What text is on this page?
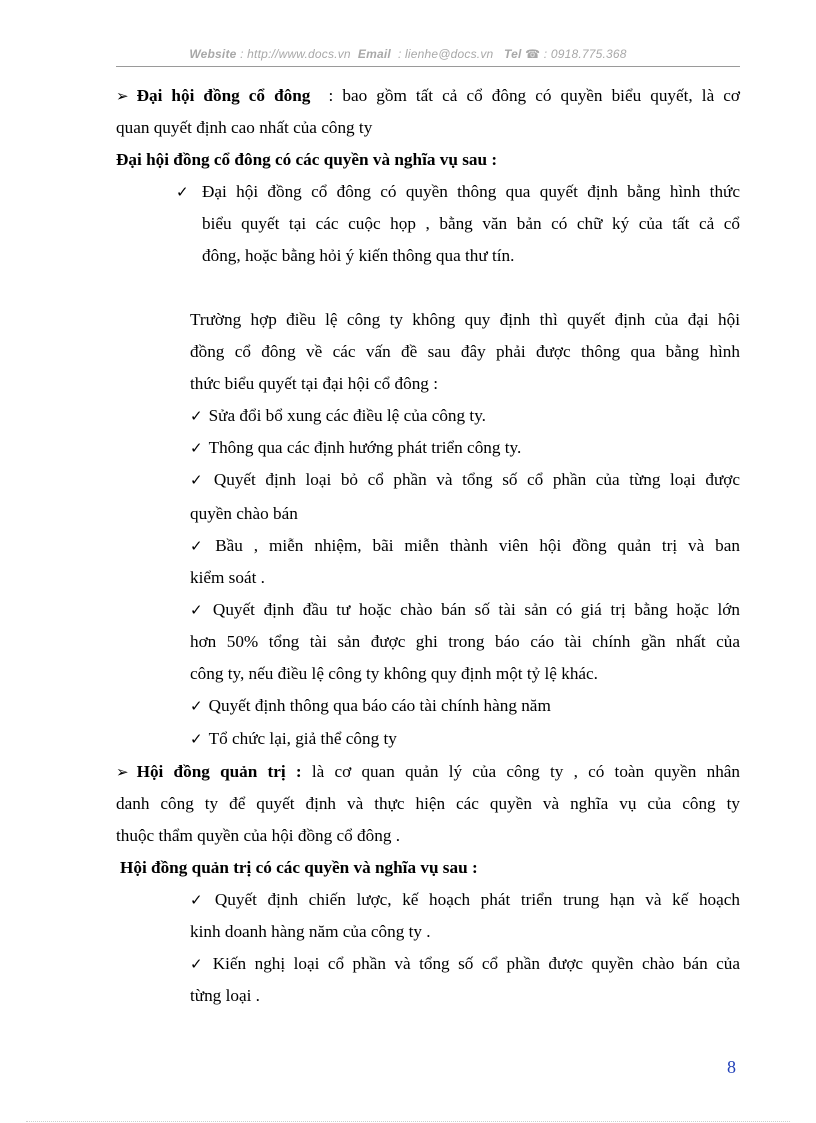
Website : http://www.docs.vn Email : lienhe@docs.vn Tel ☎ : 0918.775.368
➢ Đại hội đồng cổ đông : bao gồm tất cả cổ đông có quyền biểu quyết, là cơ
quan quyết định cao nhất của công ty
Đại hội đồng cổ đông có các quyền và nghĩa vụ sau :
✓ Đại hội đồng cổ đông có quyền thông qua quyết định bằng hình thức
biểu quyết tại các cuộc họp , bằng văn bản có chữ ký của tất cả cổ
đông, hoặc bằng hỏi ý kiến thông qua thư tín.
Trường hợp điều lệ công ty không quy định thì quyết định của đại hội
đồng cổ đông về các vấn đề sau đây phải được thông qua bằng hình
thức biểu quyết tại đại hội cổ đông :
✓ Sửa đổi bổ xung các điều lệ của công ty.
✓ Thông qua các định hướng phát triển công ty.
✓ Quyết định loại bỏ cổ phần và tổng số cổ phần của từng loại được
quyền chào bán
✓ Bầu , miễn nhiệm, bãi miễn thành viên hội đồng quản trị và ban
kiểm soát .
✓ Quyết định đầu tư hoặc chào bán số tài sản có giá trị bằng hoặc lớn
hơn 50% tổng tài sản được ghi trong báo cáo tài chính gần nhất của
công ty, nếu điều lệ công ty không quy định một tỷ lệ khác.
✓ Quyết định thông qua báo cáo tài chính hàng năm
✓ Tổ chức lại, giả thể công ty
➢ Hội đồng quản trị : là cơ quan quản lý của công ty , có toàn quyền nhân
danh công ty để quyết định và thực hiện các quyền và nghĩa vụ của công ty
thuộc thẩm quyền của hội đồng cổ đông .
Hội đồng quản trị có các quyền và nghĩa vụ sau :
✓ Quyết định chiến lược, kế hoạch phát triển trung hạn và kế hoạch
kinh doanh hàng năm của công ty .
✓ Kiến nghị loại cổ phần và tổng số cổ phần được quyền chào bán của
từng loại .
8
